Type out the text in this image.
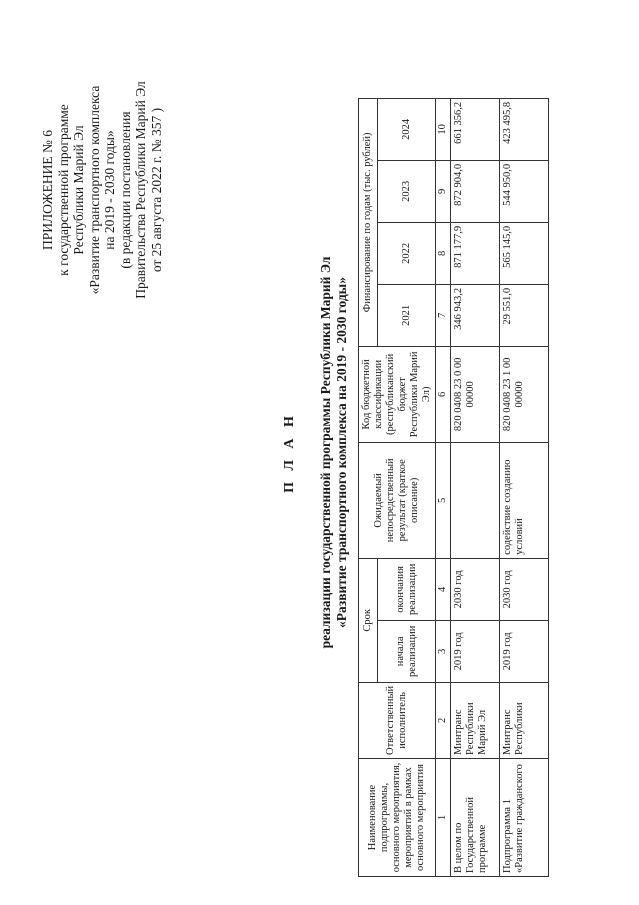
ПРИЛОЖЕНИЕ № 6 к государственной программе Республики Марий Эл «Развитие транспортного комплекса на 2019 - 2030 годы» (в редакции постановления Правительства Республики Марий Эл от 25 августа 2022 г. № 357 )
П Л А Н реализации государственной программы Республики Марий Эл «Развитие транспортного комплекса на 2019 - 2030 годы»
Наименование подпрограммы, основного мероприятия, мероприятий в рамках основного мероприятия	Ответственный исполнитель	Срок		Ожидаемый непосредственный результат (краткое описание)	Код бюджетной классификации (республиканский бюджет Республики Марий Эл)	Финансирование по годам (тыс. рублей)			
		начала реализации	окончания реализации			2021	2022	2023	2024

1	2	3	4	5	6	7	8	9	10
В целом по Государственной программе	Минтранс Республики Марий Эл	2019 год	2030 год		820 0408 23 0 00 00000	346 943,2	871 177,9	872 904,0	661 356,2
Подпрограмма 1 «Развитие гражданского	Минтранс Республики	2019 год	2030 год	содействие созданию условий	820 0408 23 1 00 00000	29 551,0	565 145,0	544 950,0	423 495,8
